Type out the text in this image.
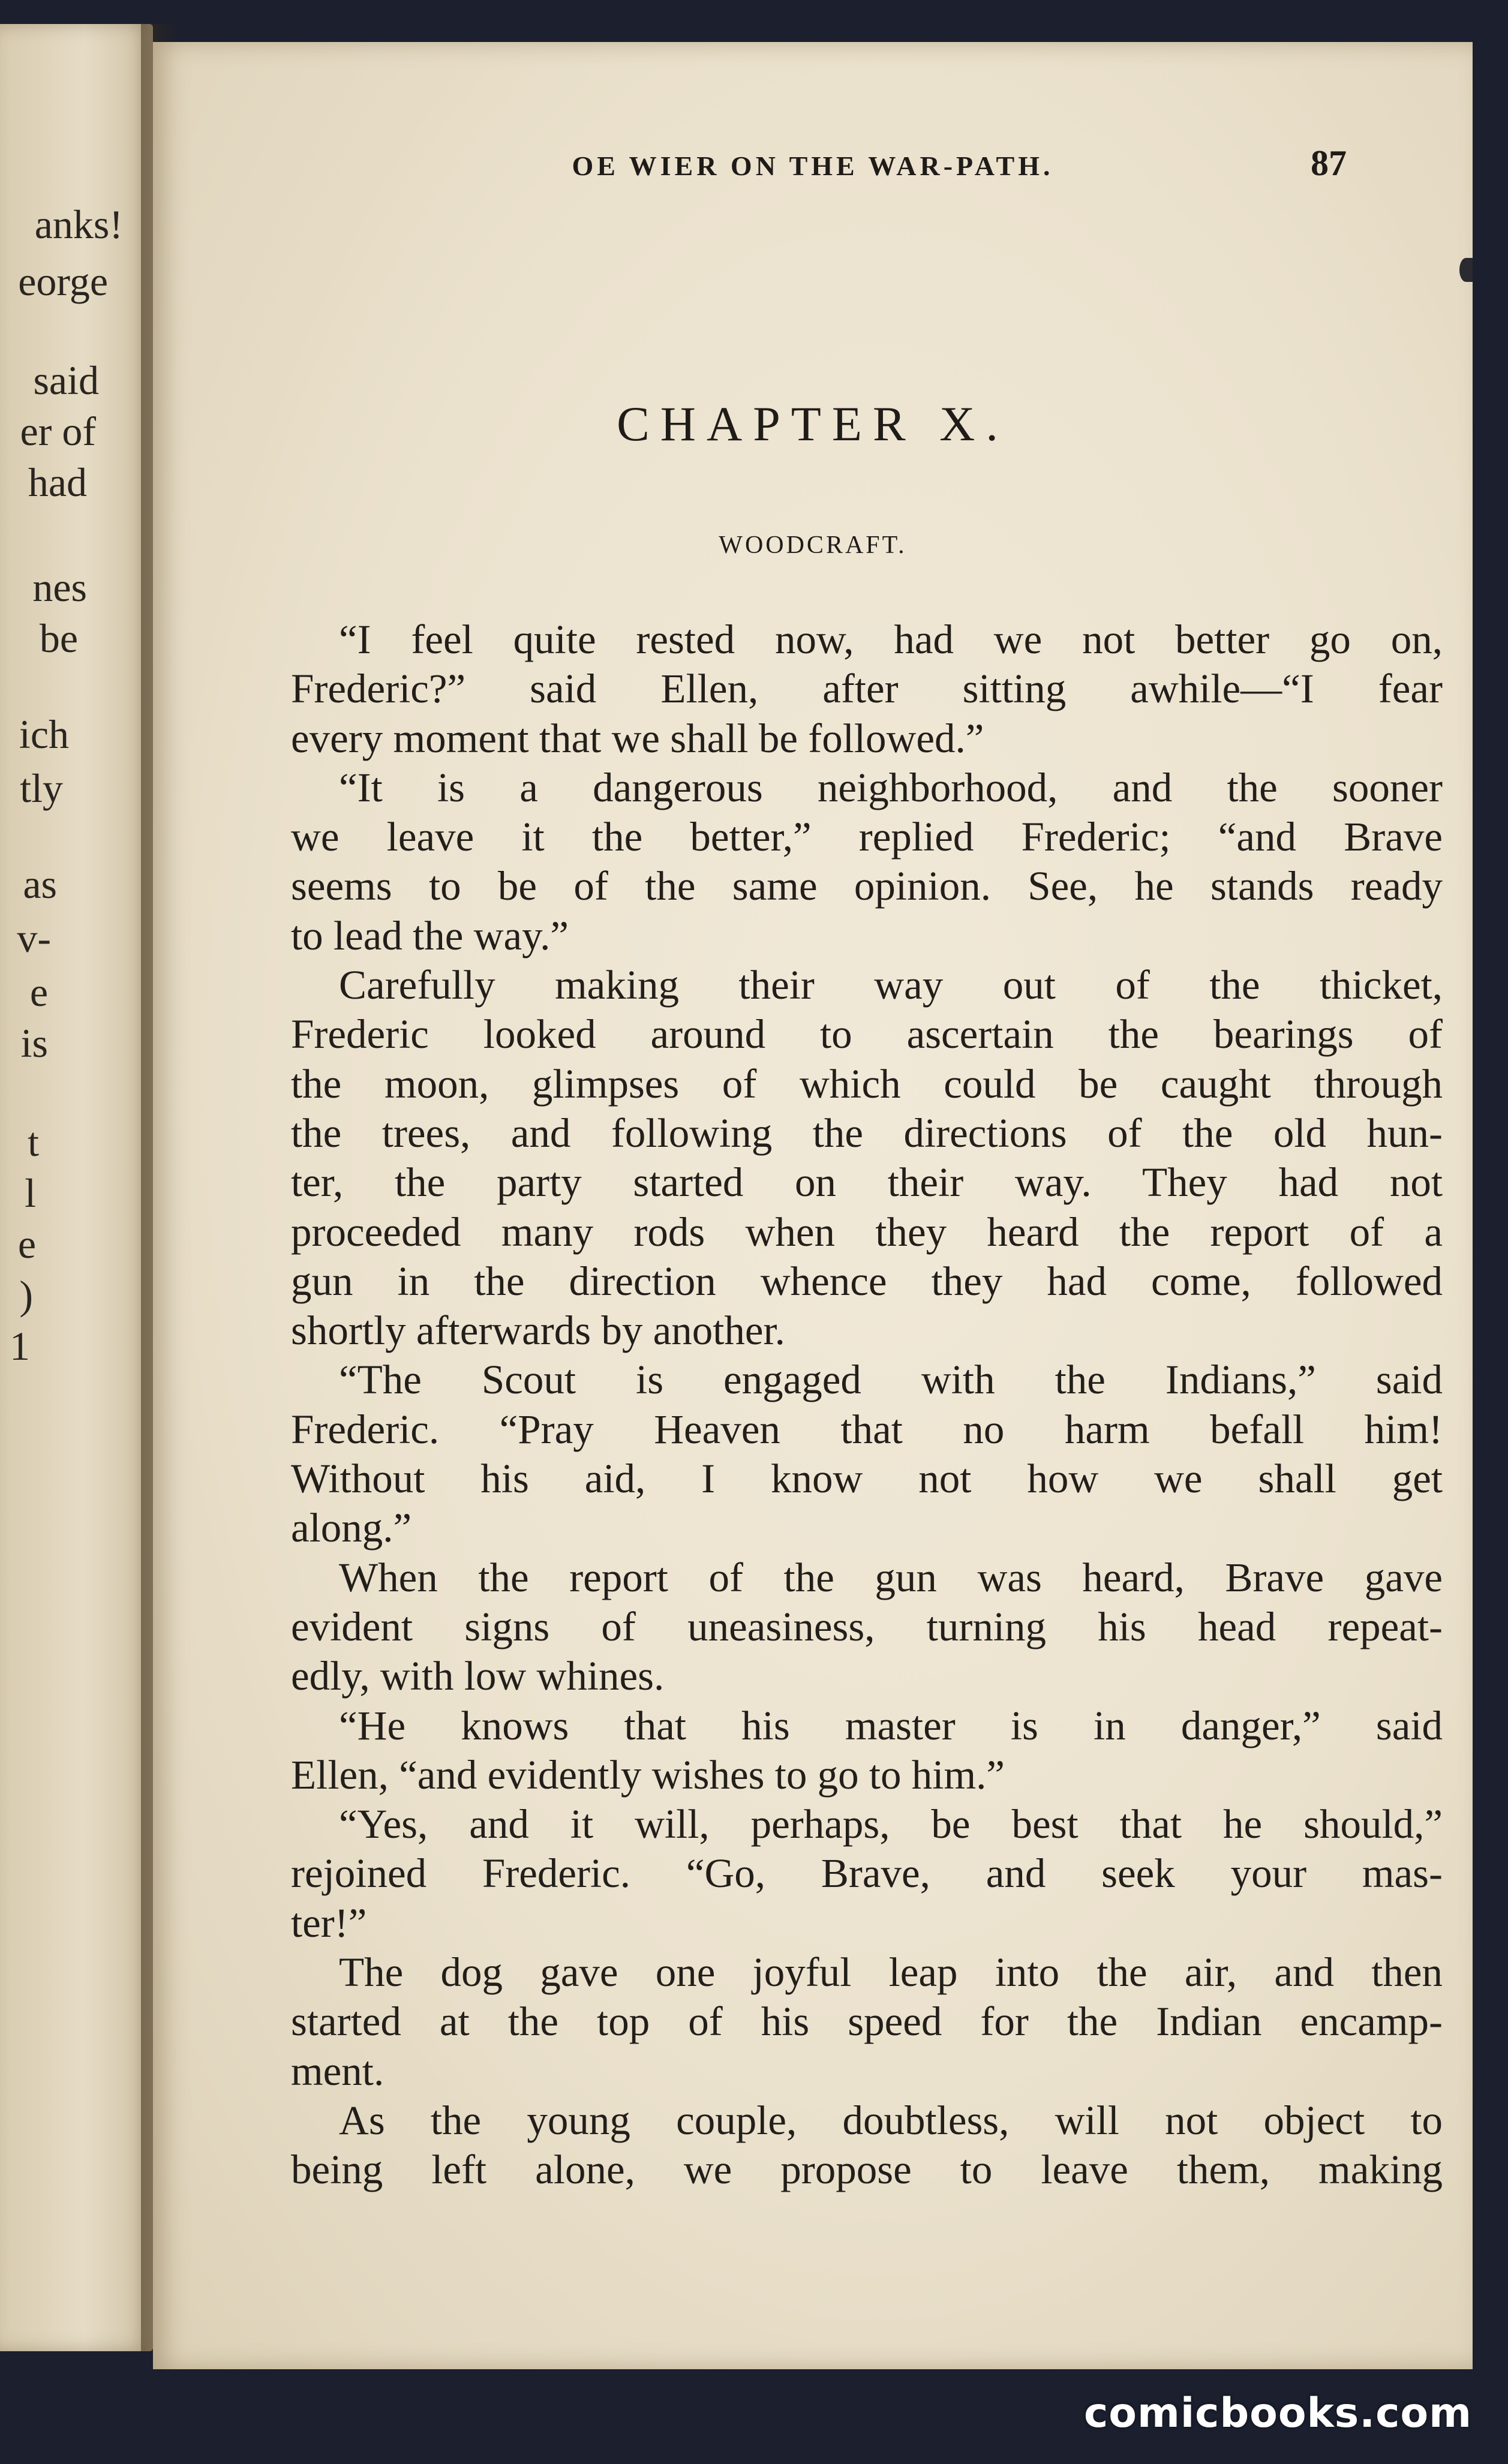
anks!
eorge
said
er of
had
nes
be
ich
tly
as
v-
e
is
t
l
e
)
1
OE WIER ON THE WAR-PATH.	87
CHAPTER X.
WOODCRAFT.
“I feel quite rested now, had we not better go on,
Frederic?” said Ellen, after sitting awhile—“I fear
every moment that we shall be followed.”
“It is a dangerous neighborhood, and the sooner
we leave it the better,” replied Frederic; “and Brave
seems to be of the same opinion. See, he stands ready
to lead the way.”
Carefully making their way out of the thicket,
Frederic looked around to ascertain the bearings of
the moon, glimpses of which could be caught through
the trees, and following the directions of the old hun-
ter, the party started on their way. They had not
proceeded many rods when they heard the report of a
gun in the direction whence they had come, followed
shortly afterwards by another.
“The Scout is engaged with the Indians,” said
Frederic. “Pray Heaven that no harm befall him!
Without his aid, I know not how we shall get
along.”
When the report of the gun was heard, Brave gave
evident signs of uneasiness, turning his head repeat-
edly, with low whines.
“He knows that his master is in danger,” said
Ellen, “and evidently wishes to go to him.”
“Yes, and it will, perhaps, be best that he should,”
rejoined Frederic. “Go, Brave, and seek your mas-
ter!”
The dog gave one joyful leap into the air, and then
started at the top of his speed for the Indian encamp-
ment.
As the young couple, doubtless, will not object to
being left alone, we propose to leave them, making
comicbooks.com
